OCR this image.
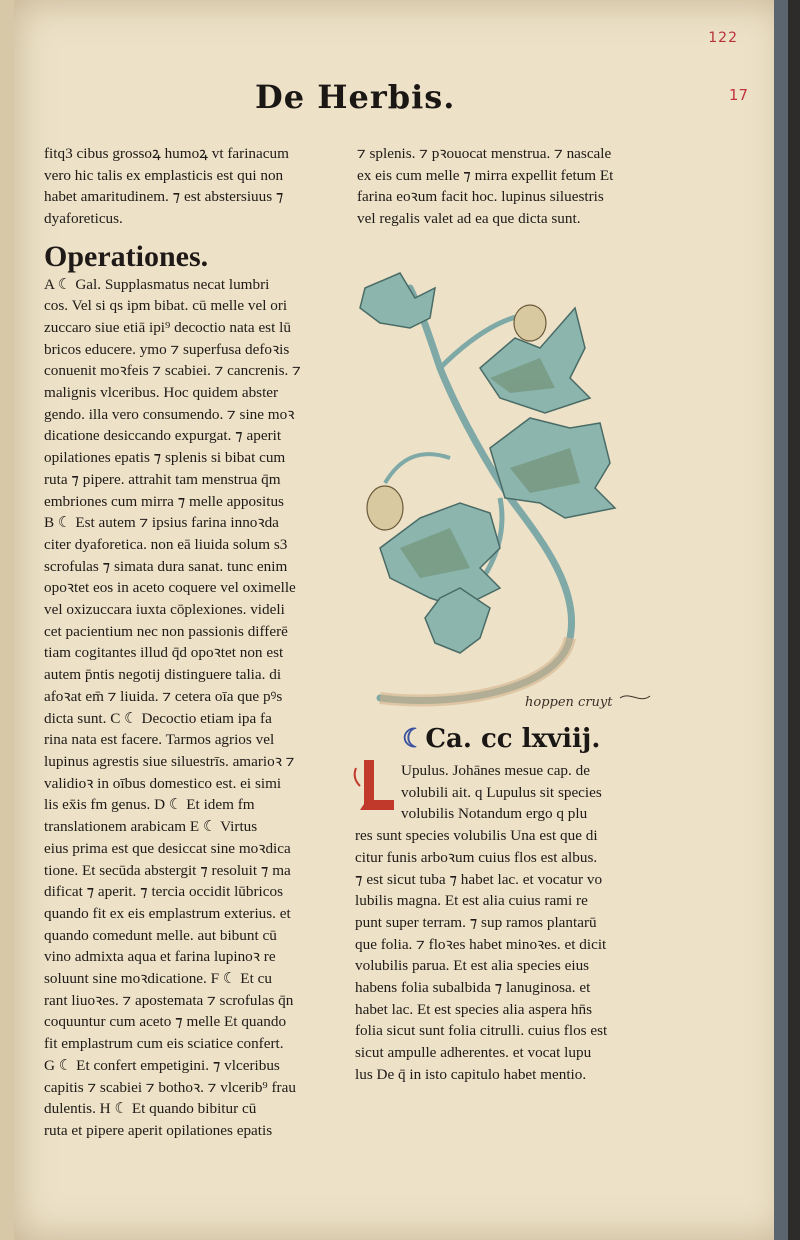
122
17
De Herbis.

fitq3 cibus grossoꝝ humoꝝ vt farinacum

vero hic talis ex emplasticis est qui non

habet amaritudinem. ⁊ est abstersiuus ⁊

dyaforeticus.

Operationes.

A ☾ Gal. Supplasmatus necat lumbri

cos. Vel si qs ipm bibat. cū melle vel ori

zuccaro siue etiā ipi⁹ decoctio nata est lū

bricos educere. ymo ⁊ superfusa defoꝛis

conuenit moꝛfeis ⁊ scabiei. ⁊ cancrenis. ⁊

malignis vlceribus. Hoc quidem abster

gendo. illa vero consumendo. ⁊ sine moꝛ

dicatione desiccando expurgat. ⁊ aperit

opilationes epatis ⁊ splenis si bibat cum

ruta ⁊ pipere. attrahit tam menstrua q̄m

embriones cum mirra ⁊ melle appositus

B ☾ Est autem ⁊ ipsius farina innoꝛda

citer dyaforetica. non eā liuida solum s3

scrofulas ⁊ simata dura sanat. tunc enim

opoꝛtet eos in aceto coquere vel oximelle

vel oxizuccara iuxta cōplexiones. videli

cet pacientium nec non passionis differē

tiam cogitantes illud q̄d opoꝛtet non est

autem p̄ntis negotij distinguere talia. di

afoꝛat em̄ ⁊ liuida. ⁊ cetera oīa que pꝰs

dicta sunt. C ☾ Decoctio etiam ipa fa

rina nata est facere. Tarmos agrios vel

lupinus agrestis siue siluestrīs. amarioꝛ ⁊

validioꝛ in oībus domestico est. ei simi

lis ex̄is fm genus. D ☾ Et idem fm

translationem arabicam E ☾ Virtus

eius prima est que desiccat sine moꝛdica

tione. Et secūda abstergit ⁊ resoluit ⁊ ma

dificat ⁊ aperit. ⁊ tercia occidit lūbricos

quando fit ex eis emplastrum exterius. et

quando comedunt melle. aut bibunt cū

vino admixta aqua et farina lupinoꝛ re

soluunt sine moꝛdicatione. F ☾ Et cu

rant liuoꝛes. ⁊ apostemata ⁊ scrofulas q̄n

coquuntur cum aceto ⁊ melle Et quando

fit emplastrum cum eis sciatice confert.

G ☾ Et confert empetigini. ⁊ vlceribus

capitis ⁊ scabiei ⁊ bothoꝛ. ⁊ vlcerib⁹ frau

dulentis. H ☾ Et quando bibitur cū

ruta et pipere aperit opilationes epatis

⁊ splenis. ⁊ pꝛouocat menstrua. ⁊ nascale

ex eis cum melle ⁊ mirra expellit fetum Et

farina eoꝛum facit hoc. lupinus siluestris

vel regalis valet ad ea que dicta sunt.

hoppen cruyt
☾Ca. cc lxviij.

Upulus. Johānes mesue cap. de

volubili ait. q Lupulus sit species

volubilis Notandum ergo q plu

res sunt species volubilis Una est que di

citur funis arboꝛum cuius flos est albus.

⁊ est sicut tuba ⁊ habet lac. et vocatur vo

lubilis magna. Et est alia cuius rami re

punt super terram. ⁊ sup ramos plantarū

que folia. ⁊ floꝛes habet minoꝛes. et dicit

volubilis parua. Et est alia species eius

habens folia subalbida ⁊ lanuginosa. et

habet lac. Et est species alia aspera hn̄s

folia sicut sunt folia citrulli. cuius flos est

sicut ampulle adherentes. et vocat lupu

lus De q̄ in isto capitulo habet mentio.
